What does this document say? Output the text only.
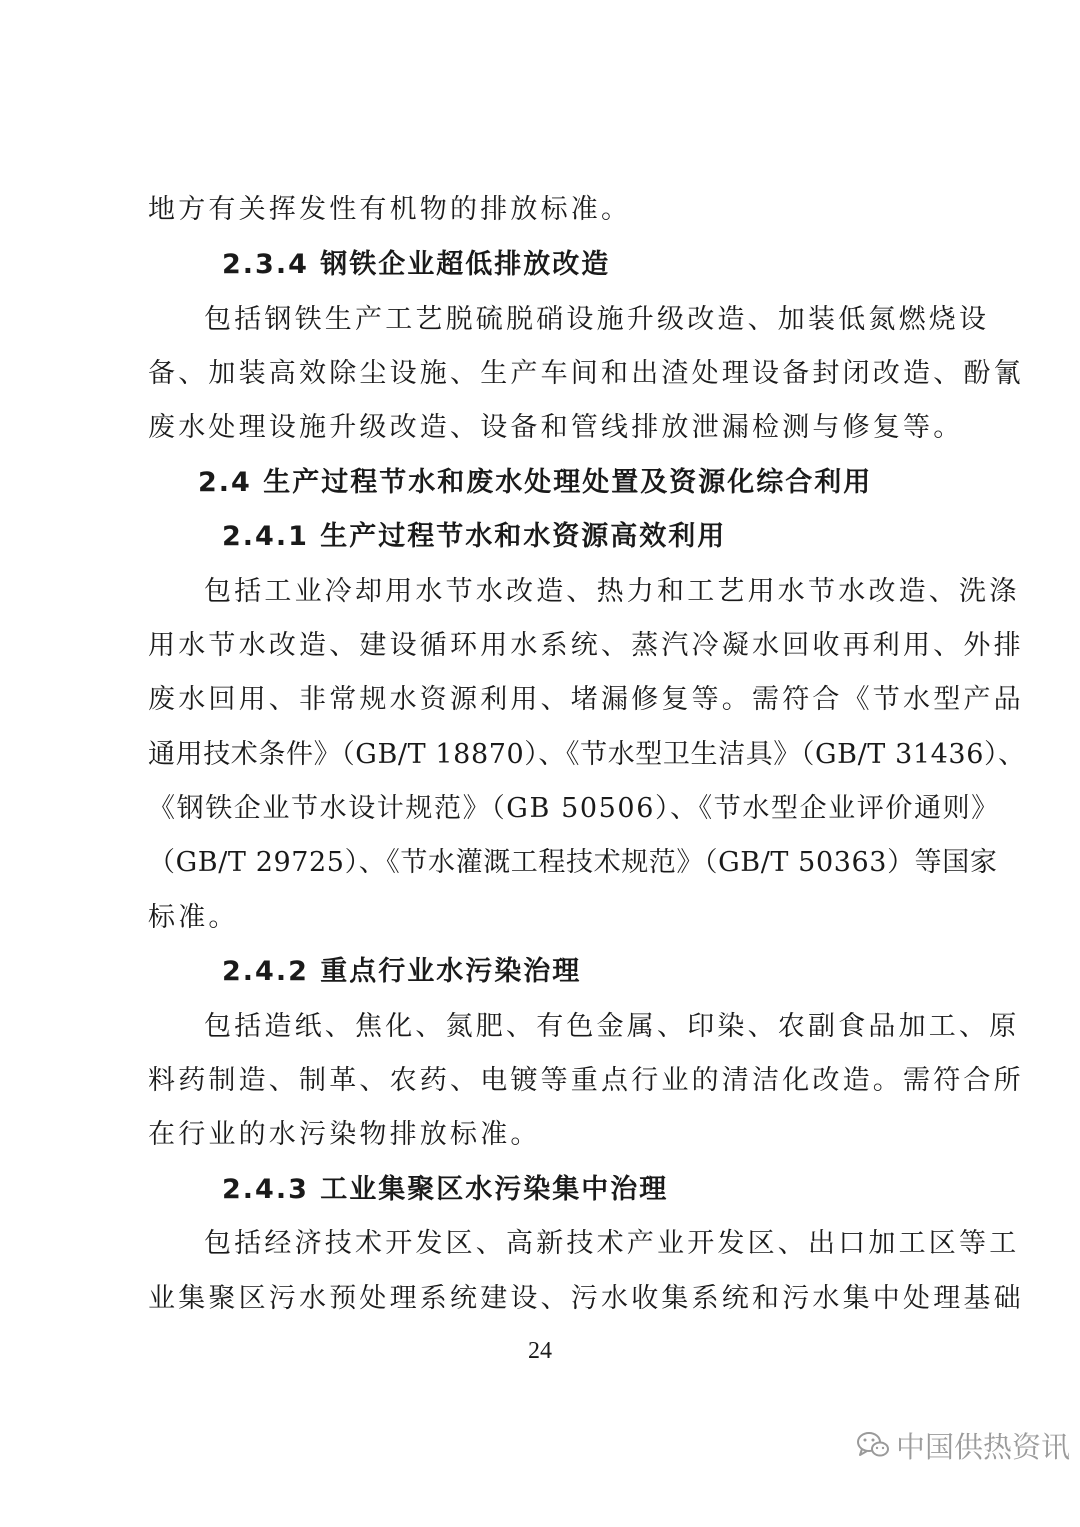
地方有关挥发性有机物的排放标准。
2.3.4 钢铁企业超低排放改造
包括钢铁生产工艺脱硫脱硝设施升级改造、加装低氮燃烧设
备、加装高效除尘设施、生产车间和出渣处理设备封闭改造、酚氰
废水处理设施升级改造、设备和管线排放泄漏检测与修复等。
2.4 生产过程节水和废水处理处置及资源化综合利用
2.4.1 生产过程节水和水资源高效利用
包括工业冷却用水节水改造、热力和工艺用水节水改造、洗涤
用水节水改造、建设循环用水系统、蒸汽冷凝水回收再利用、外排
废水回用、非常规水资源利用、堵漏修复等。需符合《节水型产品
通用技术条件》（GB/T 18870）、《节水型卫生洁具》（GB/T 31436）、
《钢铁企业节水设计规范》（GB 50506）、《节水型企业评价通则》
（GB/T 29725）、《节水灌溉工程技术规范》（GB/T 50363）等国家
标准。
2.4.2 重点行业水污染治理
包括造纸、焦化、氮肥、有色金属、印染、农副食品加工、原
料药制造、制革、农药、电镀等重点行业的清洁化改造。需符合所
在行业的水污染物排放标准。
2.4.3 工业集聚区水污染集中治理
包括经济技术开发区、高新技术产业开发区、出口加工区等工
业集聚区污水预处理系统建设、污水收集系统和污水集中处理基础
24
中国供热资讯
